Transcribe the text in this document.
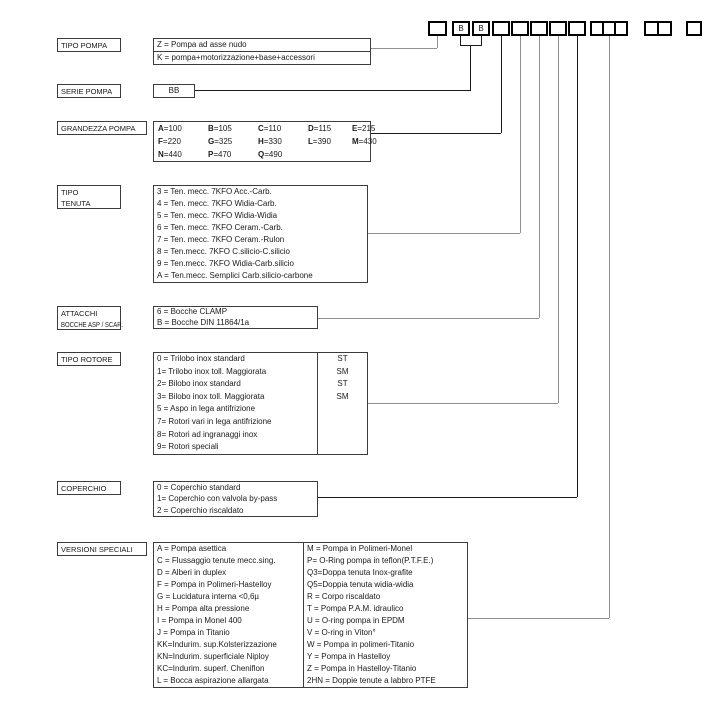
B	B
TIPO POMPA	Z = Pompa ad asse nudo
K = pompa+motorizzazione+base+accessori
SERIE POMPA	BB
GRANDEZZA POMPA	A=100	B=105	C=110	D=115	E=215
F=220	G=325	H=330	L=390	M=430
N=440	P=470	Q=490
TIPO
TENUTA
3 = Ten. mecc. 7KFO Acc.-Carb.
4 = Ten. mecc. 7KFO Widia-Carb.
5 = Ten. mecc. 7KFO Widia-Widia
6 = Ten. mecc. 7KFO Ceram.-Carb.
7 = Ten. mecc. 7KFO Ceram.-Rulon
8 = Ten.mecc. 7KFO C.silicio-C.silicio
9 = Ten.mecc. 7KFO Widia-Carb.silicio
A = Ten.mecc. Semplici Carb.silicio-carbone
ATTACCHI
BOCCHE ASP / SCAR.
6 = Bocche CLAMP
B = Bocche DIN 11864/1a
TIPO ROTORE	0 = Trilobo inox standard	ST
1= Trilobo inox toll. Maggiorata	SM
2= Bilobo inox standard	ST
3= Bilobo inox toll. Maggiorata	SM
5 = Aspo in lega antifrizione
7= Rotori vari in lega antifrizione
8= Rotori ad ingranaggi inox
9= Rotori speciali
COPERCHIO	0 = Coperchio standard
1= Coperchio con valvola by-pass
2 = Coperchio riscaldato
VERSIONI SPECIALI	A = Pompa asettica
C = Flussaggio tenute mecc.sing.
D = Alberi in duplex
F = Pompa in Polimeri-Hastelloy
G = Lucidatura interna <0,6µ
H = Pompa alta pressione
I = Pompa in Monel 400
J = Pompa in Titanio
KK=Indurim. sup.Kolsterizzazione
KN=Indurim. superficiale Niploy
KC=Indurim. superf. Cheniflon
L = Bocca aspirazione allargata
M = Pompa in Polimeri-Monel
P= O-Ring pompa in teflon(P.T.F.E.)
Q3=Doppa tenuta Inox-grafite
Q5=Doppia tenuta widia-widia
R = Corpo riscaldato
T = Pompa P.A.M. idraulico
U = O-ring pompa in EPDM
V = O-ring in Viton°
W = Pompa in polimeri-Titanio
Y = Pompa in Hastelloy
Z = Pompa in Hastelloy-Titanio
2HN = Doppie tenute a labbro PTFE
